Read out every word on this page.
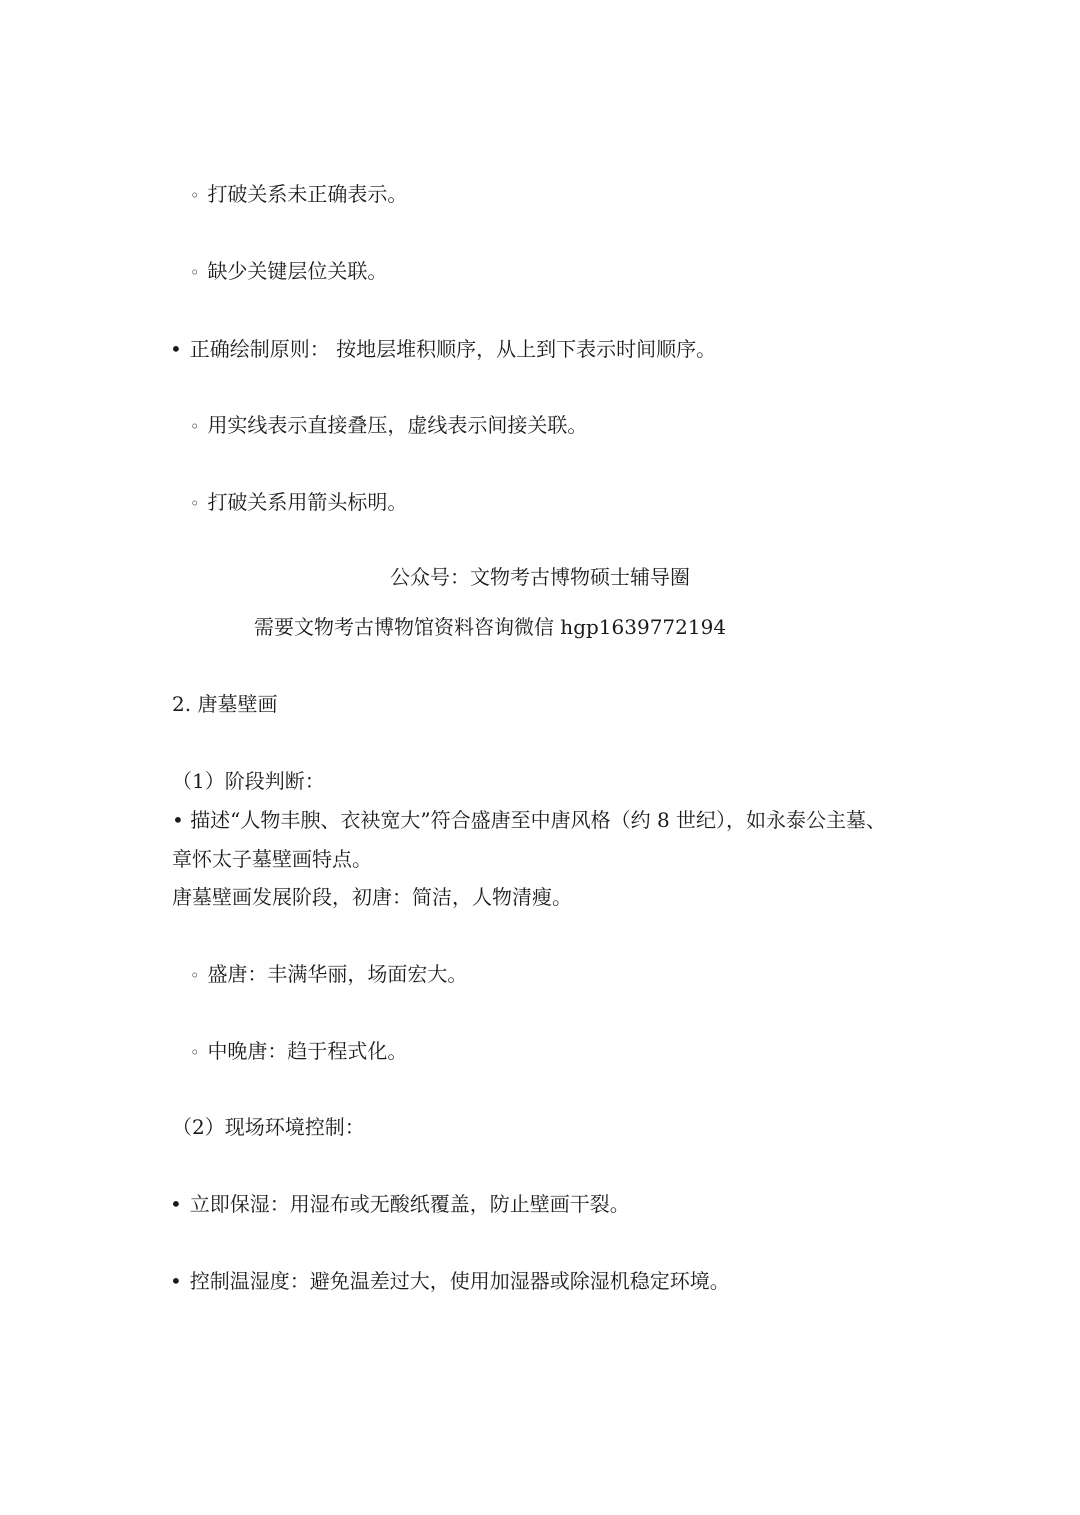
◦ 打破关系未正确表示。
◦ 缺少关键层位关联。
• 正确绘制原则： 按地层堆积顺序，从上到下表示时间顺序。
◦ 用实线表示直接叠压，虚线表示间接关联。
◦ 打破关系用箭头标明。
公众号：文物考古博物硕士辅导圈
需要文物考古博物馆资料咨询微信 hgp1639772194
2. 唐墓壁画
（1）阶段判断：
• 描述“人物丰腴、衣袂宽大”符合盛唐至中唐风格（约 8 世纪），如永泰公主墓、
章怀太子墓壁画特点。
唐墓壁画发展阶段，初唐：简洁，人物清瘦。
◦ 盛唐：丰满华丽，场面宏大。
◦ 中晚唐：趋于程式化。
（2）现场环境控制：
• 立即保湿：用湿布或无酸纸覆盖，防止壁画干裂。
• 控制温湿度：避免温差过大，使用加湿器或除湿机稳定环境。
